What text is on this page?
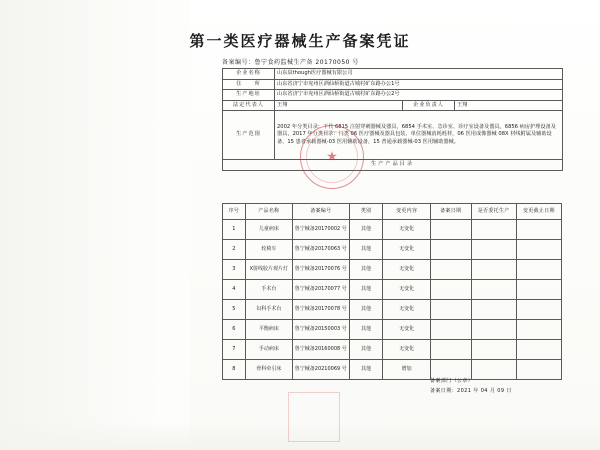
第一类医疗器械生产备案凭证
备案编号：鲁宁食药监械生产备 20170050 号
企业名称	山东泉though医疗器械有限公司		
住　　所	山东省济宁市兖州区酒仙桥街道古城村矿东路办公1号		
生产地址	山东省济宁市兖州区酒仙桥街道古城村矿东路办公2号		
法定代表人	王翔	企业负责人	王翔
生产范围	2002 年分类目录：下代 6815 注射穿刺器械及器具，6854 手术室、急诊室、诊疗室设备及器具，6856 病房护理设备及器具，2017 年分类目录：门类 06 医疗器械及器具包装、单位器械消耗耗材，06 医用成像器械 08X 材线附属及辅助设备，15 患者承载器械-03 医用辅助设备，15 普通承载器械-03 医用辅助器械。		
生产产品目录			
★
序号	产品名称	备案编号	类别	变更内容	备案日期	是否委托生产	变更截止日期
1	儿童病床	鲁宁械备20170002 号	其他	无变化			
2	轮椅车	鲁宁械备20170063 号	其他	无变化			
3	X射线胶片观片灯	鲁宁械备20170076 号	其他	无变化			
4	手术台	鲁宁械备20170077 号	其他	无变化			
5	妇科手术台	鲁宁械备20170078 号	其他	无变化			
6	平衡病床	鲁宁械备20150003 号	其他	无变化			
7	手动病床	鲁宁械备20160008 号	其他	无变化			
8	骨科牵引床	鲁宁械备20210069 号	其他	增加			
备案部门（公章）
备案日期：2021 年 04 月 09 日
